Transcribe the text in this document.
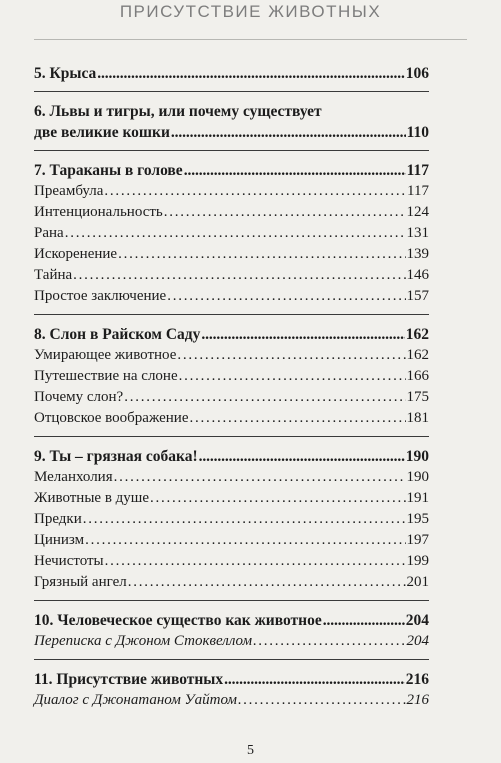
ПРИСУТСТВИЕ ЖИВОТНЫХ
5. Крыса . . .	106
6. Львы и тигры, или почему существует
две великие кошки . . .	110
7. Тараканы в голове . . .	117
Преамбула . . .	117
Интенциональность . . .	124
Рана . . .	131
Искоренение . . .	139
Тайна . . .	146
Простое заключение . . .	157
8. Слон в Райском Саду . . .	162
Умирающее животное . . .	162
Путешествие на слоне . . .	166
Почему слон? . . .	175
Отцовское воображение . . .	181
9. Ты – грязная собака! . . .	190
Меланхолия . . .	190
Животные в душе . . .	191
Предки . . .	195
Цинизм . . .	197
Нечистоты . . .	199
Грязный ангел . . .	201
10. Человеческое существо как животное . . .	204
Переписка с Джоном Стоквеллом . . .	204
11. Присутствие животных . . .	216
Диалог с Джонатаном Уайтом . . .	216
5
